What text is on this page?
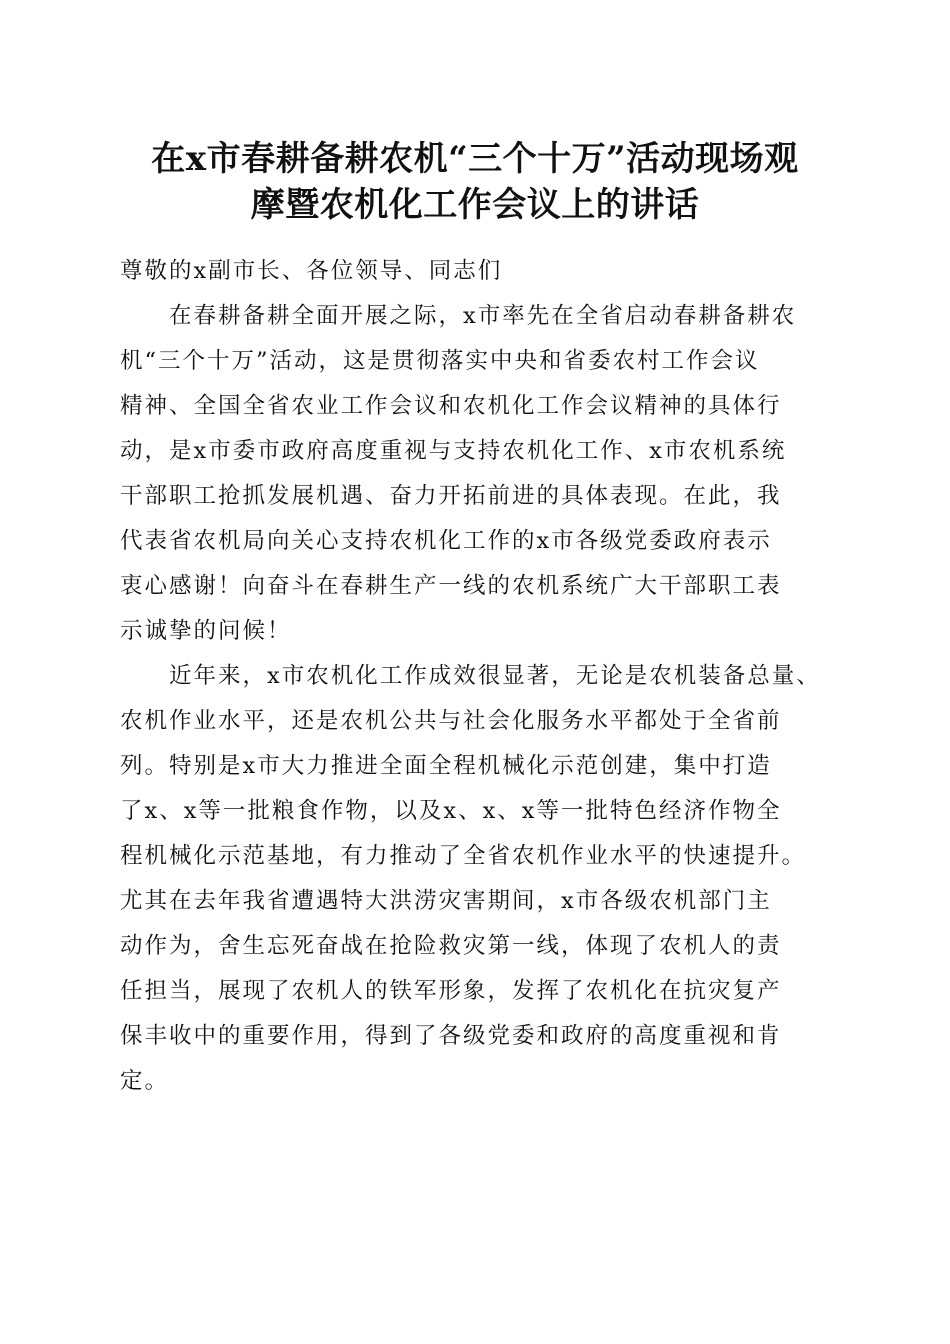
在x市春耕备耕农机“三个十万”活动现场观
摩暨农机化工作会议上的讲话

尊敬的x副市长、各位领导、同志们

　　在春耕备耕全面开展之际，x市率先在全省启动春耕备耕农
机“三个十万”活动，这是贯彻落实中央和省委农村工作会议
精神、全国全省农业工作会议和农机化工作会议精神的具体行
动，是x市委市政府高度重视与支持农机化工作、x市农机系统
干部职工抢抓发展机遇、奋力开拓前进的具体表现。在此，我
代表省农机局向关心支持农机化工作的x市各级党委政府表示
衷心感谢！向奋斗在春耕生产一线的农机系统广大干部职工表
示诚挚的问候！

　　近年来，x市农机化工作成效很显著，无论是农机装备总量、
农机作业水平，还是农机公共与社会化服务水平都处于全省前
列。特别是x市大力推进全面全程机械化示范创建，集中打造
了x、x等一批粮食作物，以及x、x、x等一批特色经济作物全
程机械化示范基地，有力推动了全省农机作业水平的快速提升。
尤其在去年我省遭遇特大洪涝灾害期间，x市各级农机部门主
动作为，舍生忘死奋战在抢险救灾第一线，体现了农机人的责
任担当，展现了农机人的铁军形象，发挥了农机化在抗灾复产
保丰收中的重要作用，得到了各级党委和政府的高度重视和肯
定。
